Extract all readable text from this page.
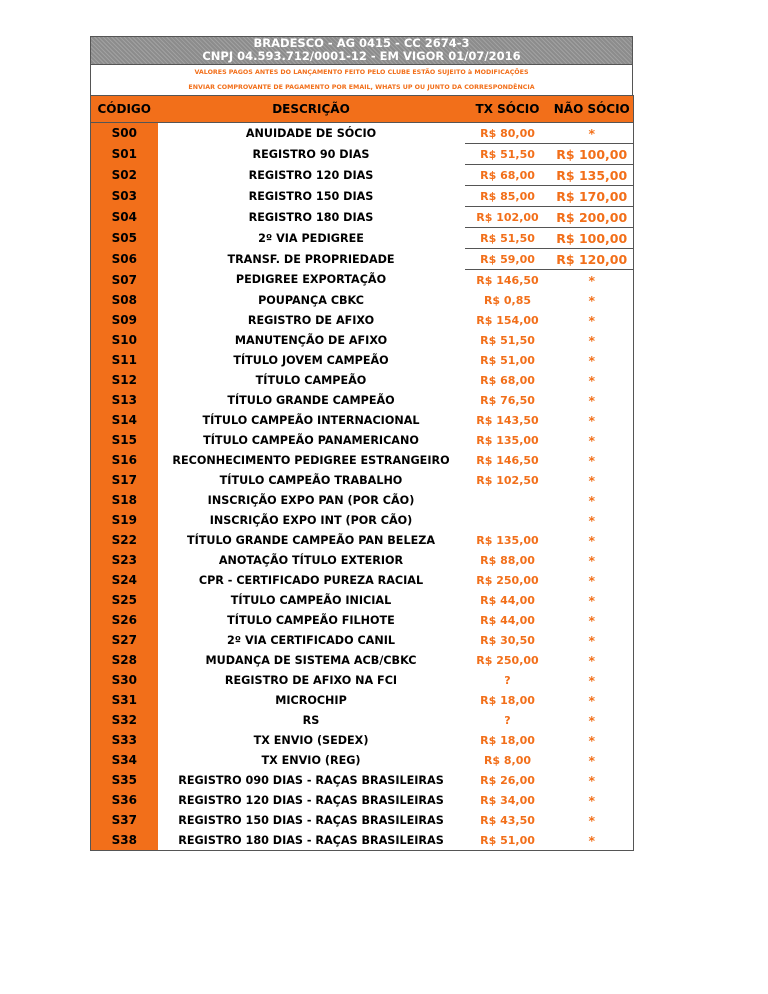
BRADESCO - AG 0415 - CC 2674-3
CNPJ 04.593.712/0001-12 - EM VIGOR 01/07/2016
VALORES PAGOS ANTES DO LANÇAMENTO FEITO PELO CLUBE ESTÃO SUJEITO à MODIFICAÇÕES
ENVIAR COMPROVANTE DE PAGAMENTO POR EMAIL, WHATS UP OU JUNTO DA CORRESPONDÊNCIA
CÓDIGO	DESCRIÇÃO	TX SÓCIO	NÃO SÓCIO
S00	ANUIDADE DE SÓCIO	R$ 80,00	*
S01	REGISTRO 90 DIAS	R$ 51,50	R$ 100,00
S02	REGISTRO 120 DIAS	R$ 68,00	R$ 135,00
S03	REGISTRO 150 DIAS	R$ 85,00	R$ 170,00
S04	REGISTRO 180 DIAS	R$ 102,00	R$ 200,00
S05	2º VIA PEDIGREE	R$ 51,50	R$ 100,00
S06	TRANSF. DE PROPRIEDADE	R$ 59,00	R$ 120,00
S07	PEDIGREE EXPORTAÇÃO	R$ 146,50	*
S08	POUPANÇA CBKC	R$ 0,85	*
S09	REGISTRO DE AFIXO	R$ 154,00	*
S10	MANUTENÇÃO DE AFIXO	R$ 51,50	*
S11	TÍTULO JOVEM CAMPEÃO	R$ 51,00	*
S12	TÍTULO CAMPEÃO	R$ 68,00	*
S13	TÍTULO GRANDE CAMPEÃO	R$ 76,50	*
S14	TÍTULO CAMPEÃO INTERNACIONAL	R$ 143,50	*
S15	TÍTULO CAMPEÃO PANAMERICANO	R$ 135,00	*
S16	RECONHECIMENTO PEDIGREE ESTRANGEIRO	R$ 146,50	*
S17	TÍTULO CAMPEÃO TRABALHO	R$ 102,50	*
S18	INSCRIÇÃO EXPO PAN (POR CÃO)		*
S19	INSCRIÇÃO EXPO INT (POR CÃO)		*
S22	TÍTULO GRANDE CAMPEÃO PAN BELEZA	R$ 135,00	*
S23	ANOTAÇÃO TÍTULO EXTERIOR	R$ 88,00	*
S24	CPR - CERTIFICADO PUREZA RACIAL	R$ 250,00	*
S25	TÍTULO CAMPEÃO INICIAL	R$ 44,00	*
S26	TÍTULO CAMPEÃO FILHOTE	R$ 44,00	*
S27	2º VIA CERTIFICADO CANIL	R$ 30,50	*
S28	MUDANÇA DE SISTEMA ACB/CBKC	R$ 250,00	*
S30	REGISTRO DE AFIXO NA FCI	?	*
S31	MICROCHIP	R$ 18,00	*
S32	RS	?	*
S33	TX ENVIO (SEDEX)	R$ 18,00	*
S34	TX ENVIO (REG)	R$ 8,00	*
S35	REGISTRO 090 DIAS - RAÇAS BRASILEIRAS	R$ 26,00	*
S36	REGISTRO 120 DIAS - RAÇAS BRASILEIRAS	R$ 34,00	*
S37	REGISTRO 150 DIAS - RAÇAS BRASILEIRAS	R$ 43,50	*
S38	REGISTRO 180 DIAS - RAÇAS BRASILEIRAS	R$ 51,00	*
